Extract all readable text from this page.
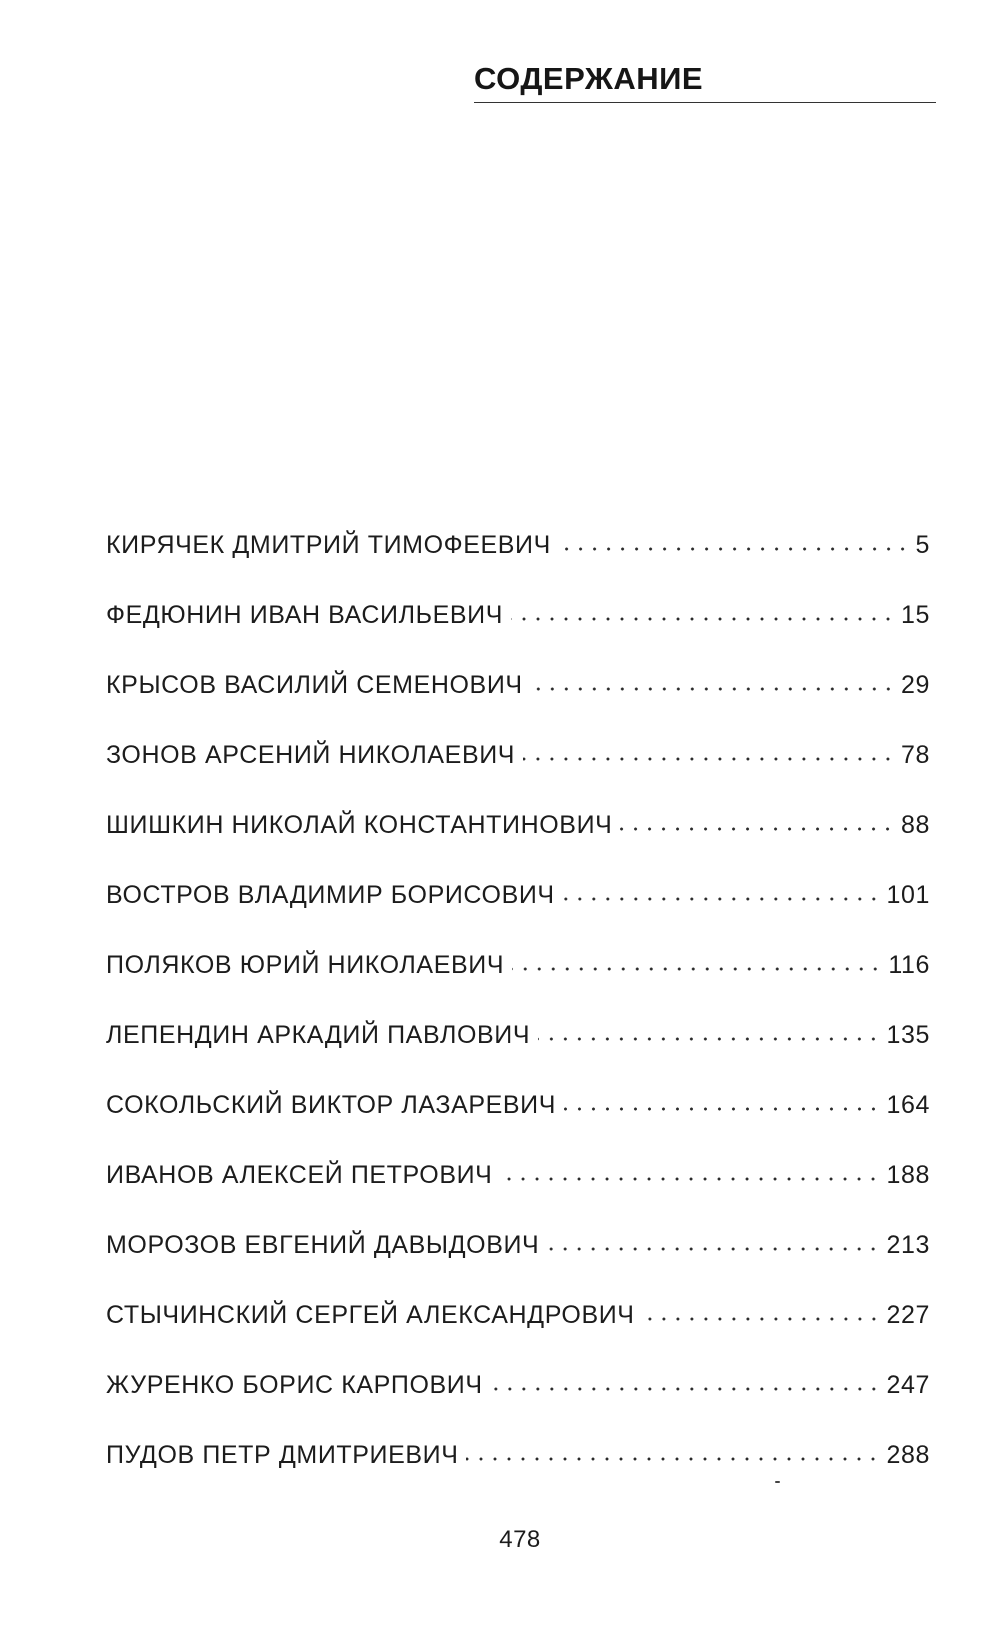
СОДЕРЖАНИЕ
КИРЯЧЕК ДМИТРИЙ ТИМОФЕЕВИЧ	5
ФЕДЮНИН ИВАН ВАСИЛЬЕВИЧ	15
КРЫСОВ ВАСИЛИЙ СЕМЕНОВИЧ	29
ЗОНОВ АРСЕНИЙ НИКОЛАЕВИЧ	78
ШИШКИН НИКОЛАЙ КОНСТАНТИНОВИЧ	88
ВОСТРОВ ВЛАДИМИР БОРИСОВИЧ	101
ПОЛЯКОВ ЮРИЙ НИКОЛАЕВИЧ	116
ЛЕПЕНДИН АРКАДИЙ ПАВЛОВИЧ	135
СОКОЛЬСКИЙ ВИКТОР ЛАЗАРЕВИЧ	164
ИВАНОВ АЛЕКСЕЙ ПЕТРОВИЧ	188
МОРОЗОВ ЕВГЕНИЙ ДАВЫДОВИЧ	213
СТЫЧИНСКИЙ СЕРГЕЙ АЛЕКСАНДРОВИЧ	227
ЖУРЕНКО БОРИС КАРПОВИЧ	247
ПУДОВ ПЕТР ДМИТРИЕВИЧ	288
478
